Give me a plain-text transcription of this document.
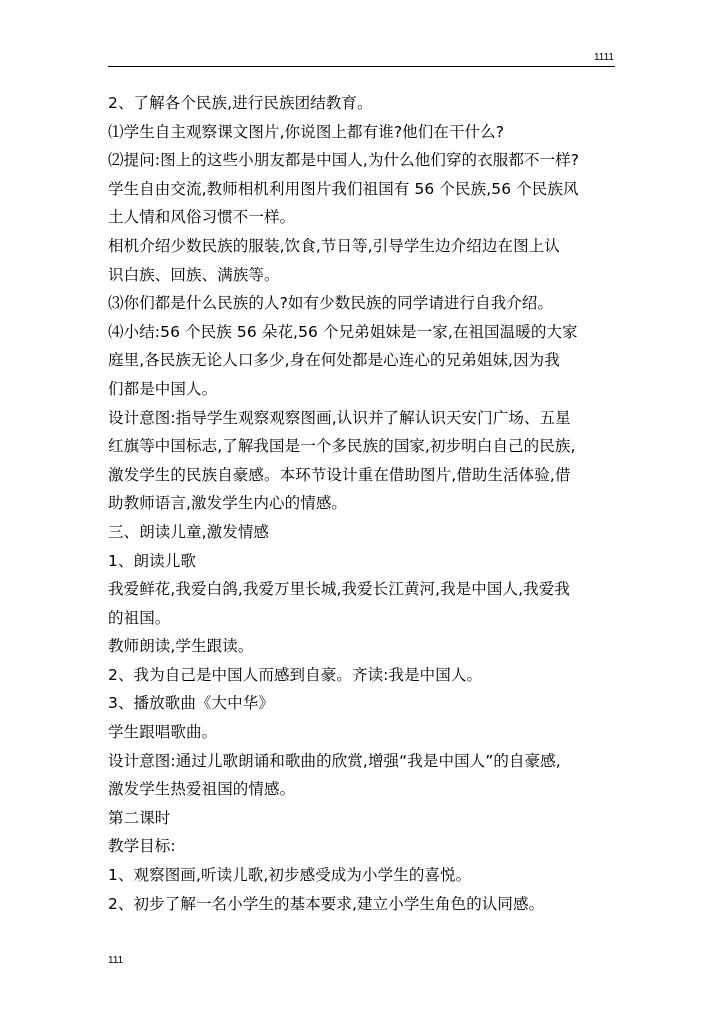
1111
2、了解各个民族,进行民族团结教育。
⑴学生自主观察课文图片,你说图上都有谁?他们在干什么?
⑵提问:图上的这些小朋友都是中国人,为什么他们穿的衣服都不一样?
学生自由交流,教师相机利用图片我们祖国有 56 个民族,56 个民族风
土人情和风俗习惯不一样。
相机介绍少数民族的服装,饮食,节日等,引导学生边介绍边在图上认
识白族、回族、满族等。
⑶你们都是什么民族的人?如有少数民族的同学请进行自我介绍。
⑷小结:56 个民族 56 朵花,56 个兄弟姐妹是一家,在祖国温暖的大家
庭里,各民族无论人口多少,身在何处都是心连心的兄弟姐妹,因为我
们都是中国人。
设计意图:指导学生观察观察图画,认识并了解认识天安门广场、五星
红旗等中国标志,了解我国是一个多民族的国家,初步明白自己的民族,
激发学生的民族自豪感。本环节设计重在借助图片,借助生活体验,借
助教师语言,激发学生内心的情感。
三、朗读儿童,激发情感
1、朗读儿歌
我爱鲜花,我爱白鸽,我爱万里长城,我爱长江黄河,我是中国人,我爱我
的祖国。
教师朗读,学生跟读。
2、我为自己是中国人而感到自豪。齐读:我是中国人。
3、播放歌曲《大中华》
学生跟唱歌曲。
设计意图:通过儿歌朗诵和歌曲的欣赏,增强“我是中国人”的自豪感,
激发学生热爱祖国的情感。
第二课时
教学目标:
1、观察图画,听读儿歌,初步感受成为小学生的喜悦。
2、初步了解一名小学生的基本要求,建立小学生角色的认同感。
111
